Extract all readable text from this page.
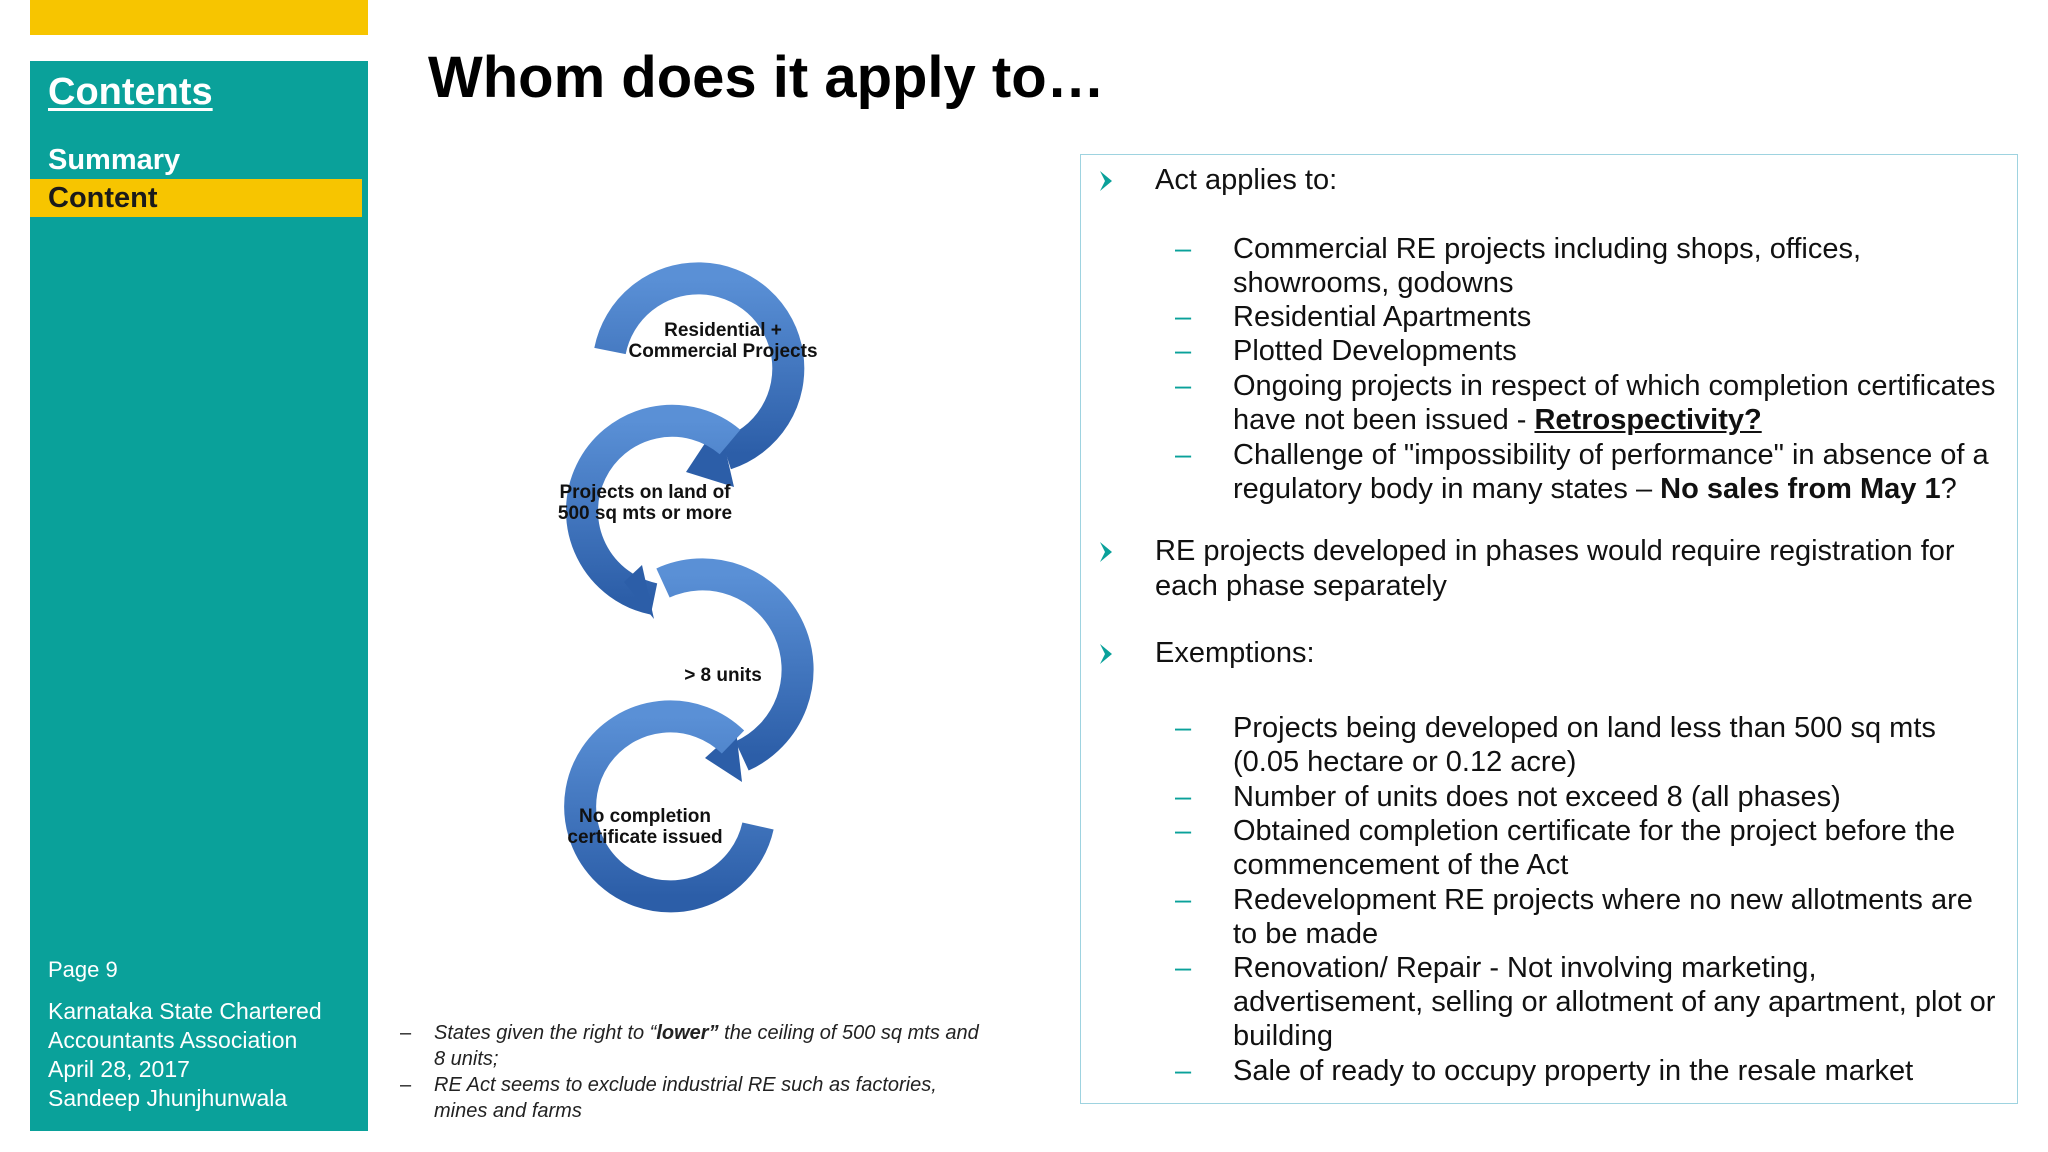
Contents
Summary
Content
Page 9
Karnataka State Chartered
Accountants Association
April 28, 2017
Sandeep Jhunjhunwala
Whom does it apply to…
Residential + Commercial Projects
Projects on land of 500 sq mts or more
> 8 units
No completion certificate issued
– States given the right to “lower” the ceiling of 500 sq mts and 8 units;
– RE Act seems to exclude industrial RE such as factories, mines and farms
Act applies to:
– Commercial RE projects including shops, offices, showrooms, godowns
– Residential Apartments
– Plotted Developments
– Ongoing projects in respect of which completion certificates have not been issued - Retrospectivity?
– Challenge of "impossibility of performance" in absence of a regulatory body in many states – No sales from May 1?
RE projects developed in phases would require registration for each phase separately
Exemptions:
– Projects being developed on land less than 500 sq mts (0.05 hectare or 0.12 acre)
– Number of units does not exceed 8 (all phases)
– Obtained completion certificate for the project before the commencement of the Act
– Redevelopment RE projects where no new allotments are to be made
– Renovation/ Repair - Not involving marketing, advertisement, selling or allotment of any apartment, plot or building
– Sale of ready to occupy property in the resale market
